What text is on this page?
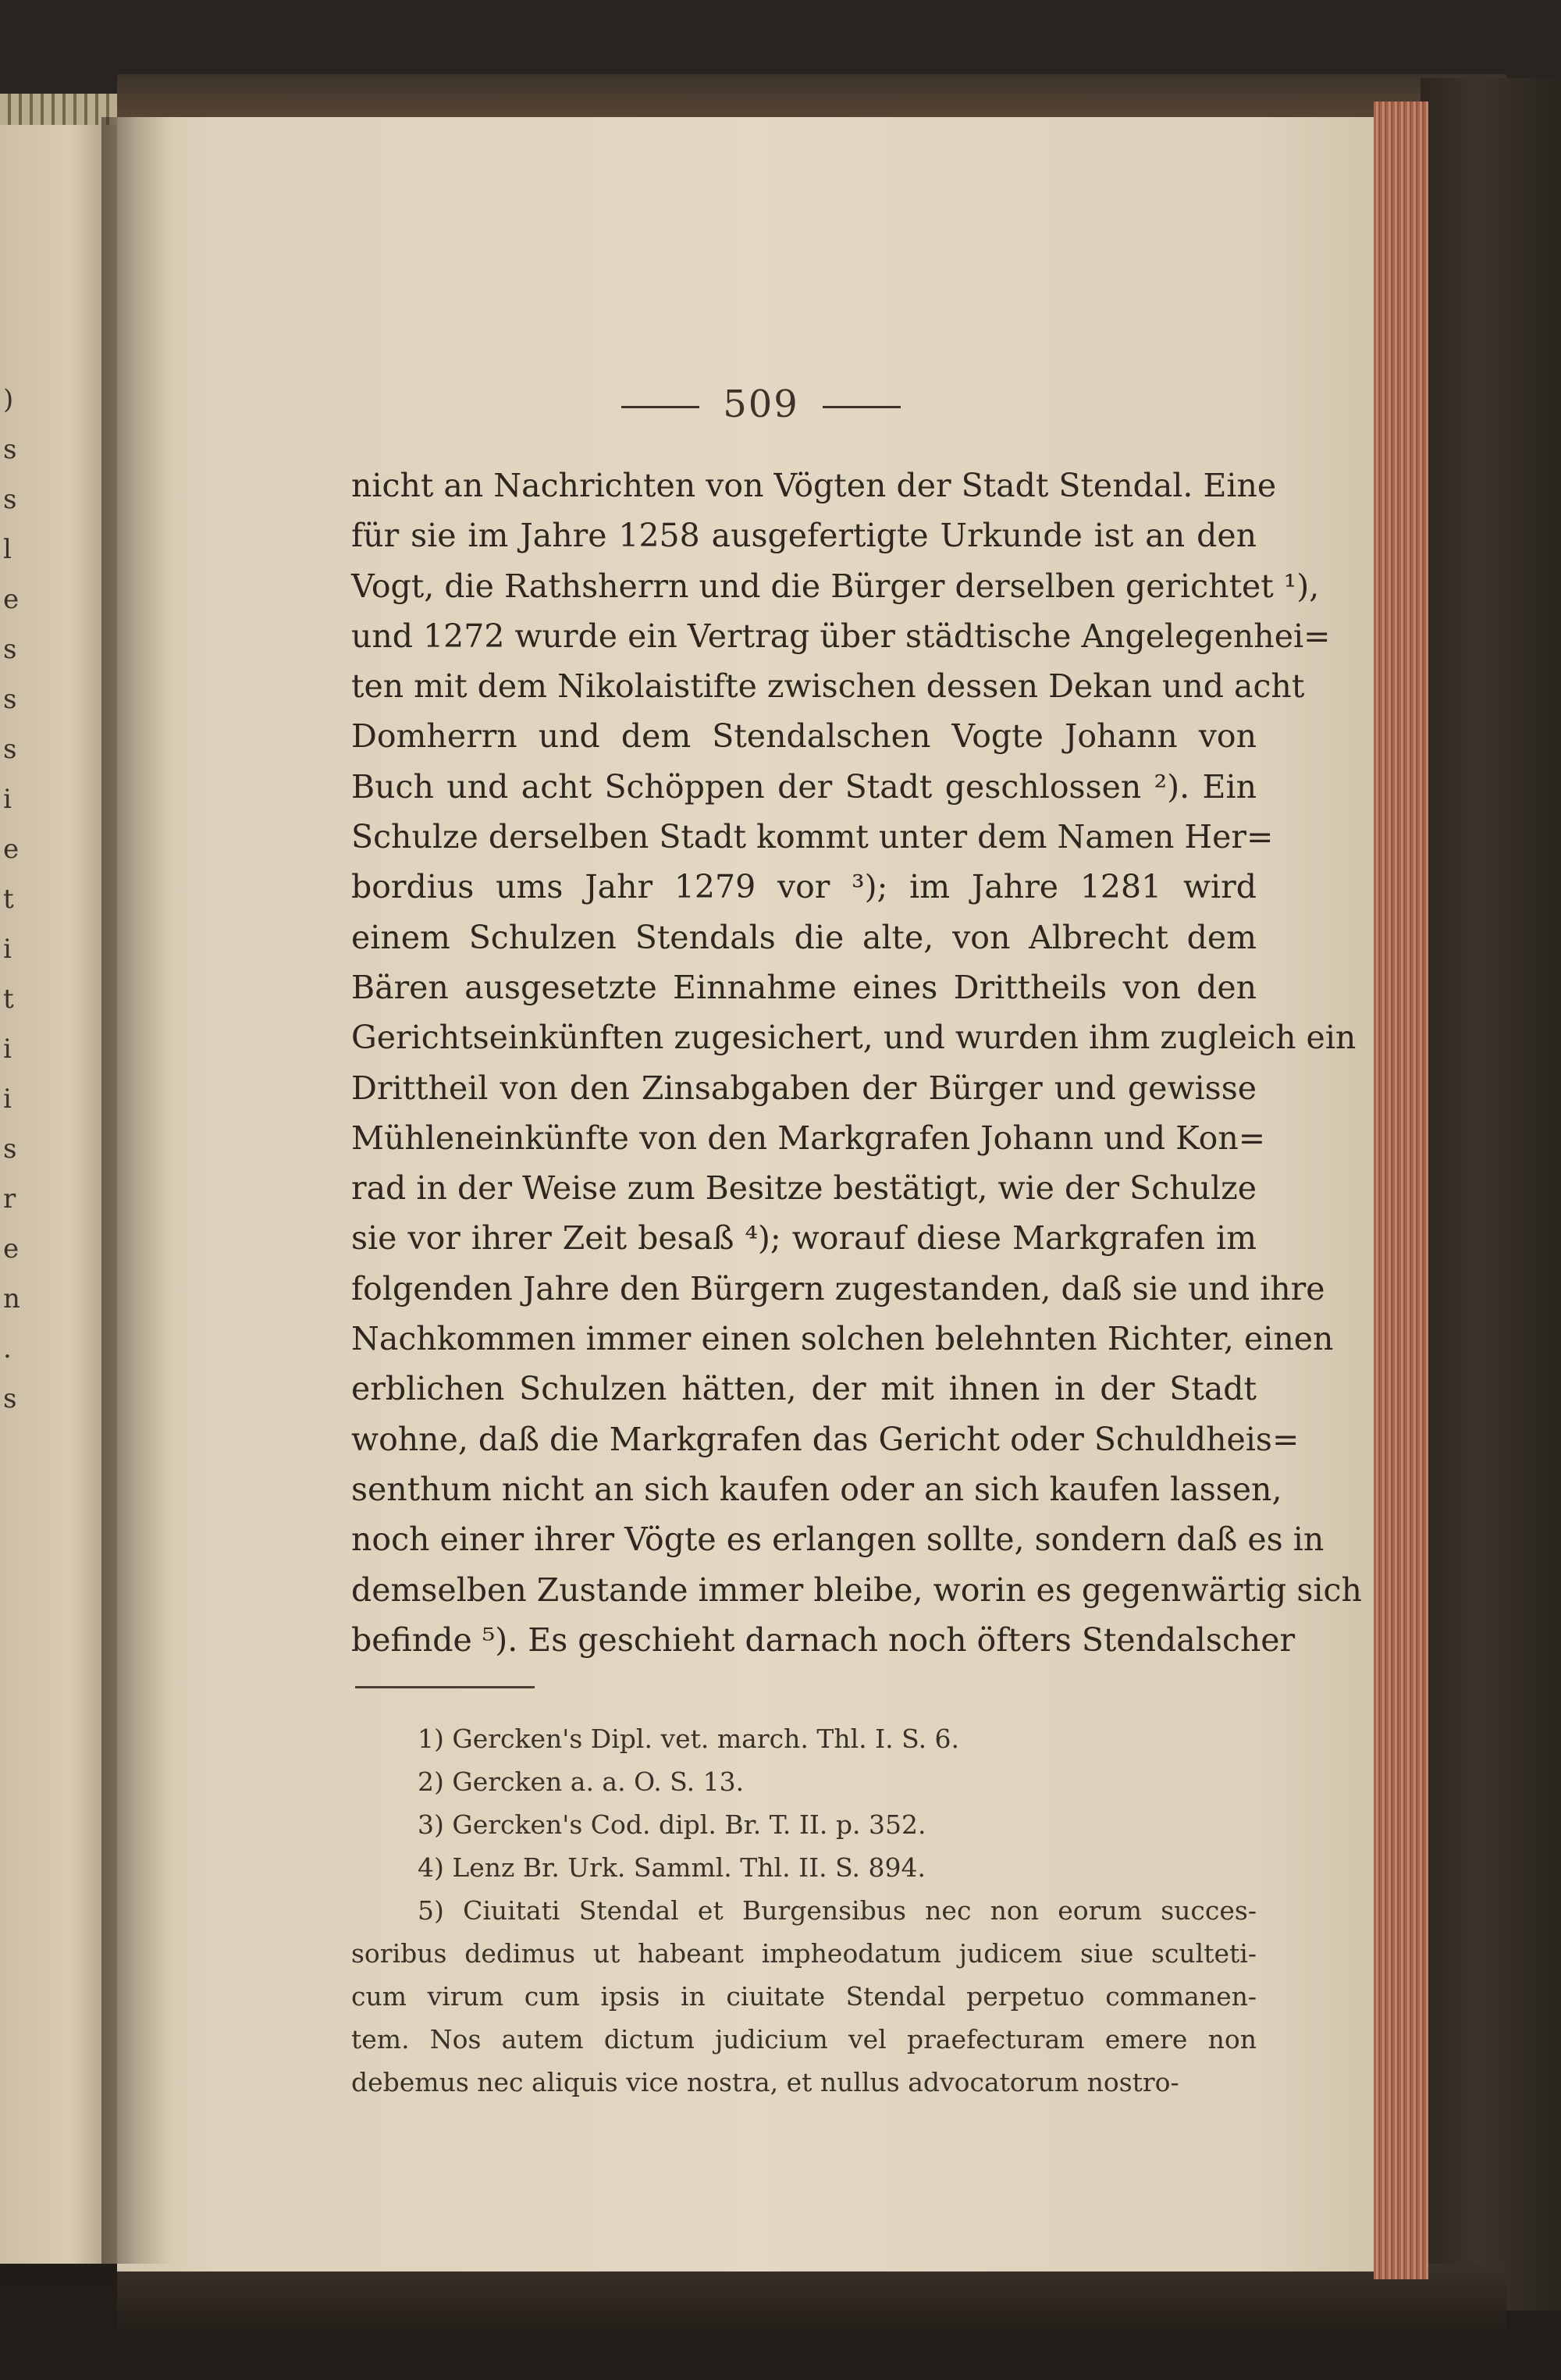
)
s
s
l
e
s
s
s
i
e
t
i
t
i
i
s
r
e
n
.
s
509
nicht an Nachrichten von Vögten der Stadt Stendal. Eine
für sie im Jahre 1258 ausgefertigte Urkunde ist an den
Vogt, die Rathsherrn und die Bürger derselben gerichtet ¹),
und 1272 wurde ein Vertrag über städtische Angelegenhei=
ten mit dem Nikolaistifte zwischen dessen Dekan und acht
Domherrn und dem Stendalschen Vogte Johann von
Buch und acht Schöppen der Stadt geschlossen ²). Ein
Schulze derselben Stadt kommt unter dem Namen Her=
bordius ums Jahr 1279 vor ³); im Jahre 1281 wird
einem Schulzen Stendals die alte, von Albrecht dem
Bären ausgesetzte Einnahme eines Drittheils von den
Gerichtseinkünften zugesichert, und wurden ihm zugleich ein
Drittheil von den Zinsabgaben der Bürger und gewisse
Mühleneinkünfte von den Markgrafen Johann und Kon=
rad in der Weise zum Besitze bestätigt, wie der Schulze
sie vor ihrer Zeit besaß ⁴); worauf diese Markgrafen im
folgenden Jahre den Bürgern zugestanden, daß sie und ihre
Nachkommen immer einen solchen belehnten Richter, einen
erblichen Schulzen hätten, der mit ihnen in der Stadt
wohne, daß die Markgrafen das Gericht oder Schuldheis=
senthum nicht an sich kaufen oder an sich kaufen lassen,
noch einer ihrer Vögte es erlangen sollte, sondern daß es in
demselben Zustande immer bleibe, worin es gegenwärtig sich
befinde ⁵). Es geschieht darnach noch öfters Stendalscher
1) Gercken's Dipl. vet. march. Thl. I. S. 6.
2) Gercken a. a. O. S. 13.
3) Gercken's Cod. dipl. Br. T. II. p. 352.
4) Lenz Br. Urk. Samml. Thl. II. S. 894.
5) Ciuitati Stendal et Burgensibus nec non eorum succes-
soribus dedimus ut habeant impheodatum judicem siue sculteti-
cum virum cum ipsis in ciuitate Stendal perpetuo commanen-
tem. Nos autem dictum judicium vel praefecturam emere non
debemus nec aliquis vice nostra, et nullus advocatorum nostro-
